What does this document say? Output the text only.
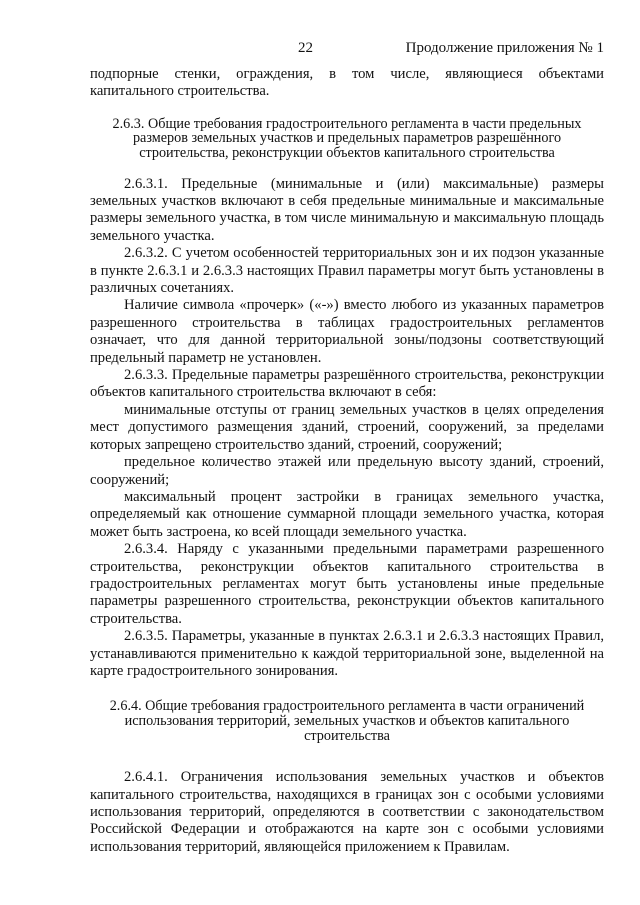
22	Продолжение приложения № 1

подпорные стенки, ограждения, в том числе, являющиеся объектами капитального строительства.

2.6.3. Общие требования градостроительного регламента в части предельных размеров земельных участков и предельных параметров разрешённого строительства, реконструкции объектов капитального строительства

2.6.3.1. Предельные (минимальные и (или) максимальные) размеры земельных участков включают в себя предельные минимальные и максимальные размеры земельного участка, в том числе минимальную и максимальную площадь земельного участка.

2.6.3.2. С учетом особенностей территориальных зон и их подзон указанные в пункте 2.6.3.1 и 2.6.3.3 настоящих Правил параметры могут быть установлены в различных сочетаниях.

Наличие символа «прочерк» («-») вместо любого из указанных параметров разрешенного строительства в таблицах градостроительных регламентов означает, что для данной территориальной зоны/подзоны соответствующий предельный параметр не установлен.

2.6.3.3. Предельные параметры разрешённого строительства, реконструкции объектов капитального строительства включают в себя:

минимальные отступы от границ земельных участков в целях определения мест допустимого размещения зданий, строений, сооружений, за пределами которых запрещено строительство зданий, строений, сооружений;

предельное количество этажей или предельную высоту зданий, строений, сооружений;

максимальный процент застройки в границах земельного участка, определяемый как отношение суммарной площади земельного участка, которая может быть застроена, ко всей площади земельного участка.

2.6.3.4. Наряду с указанными предельными параметрами разрешенного строительства, реконструкции объектов капитального строительства в градостроительных регламентах могут быть установлены иные предельные параметры разрешенного строительства, реконструкции объектов капитального строительства.

2.6.3.5. Параметры, указанные в пунктах 2.6.3.1 и 2.6.3.3 настоящих Правил, устанавливаются применительно к каждой территориальной зоне, выделенной на карте градостроительного зонирования.

2.6.4. Общие требования градостроительного регламента в части ограничений использования территорий, земельных участков и объектов капитального строительства

2.6.4.1. Ограничения использования земельных участков и объектов капитального строительства, находящихся в границах зон с особыми условиями использования территорий, определяются в соответствии с законодательством Российской Федерации и отображаются на карте зон с особыми условиями использования территорий, являющейся приложением к Правилам.
